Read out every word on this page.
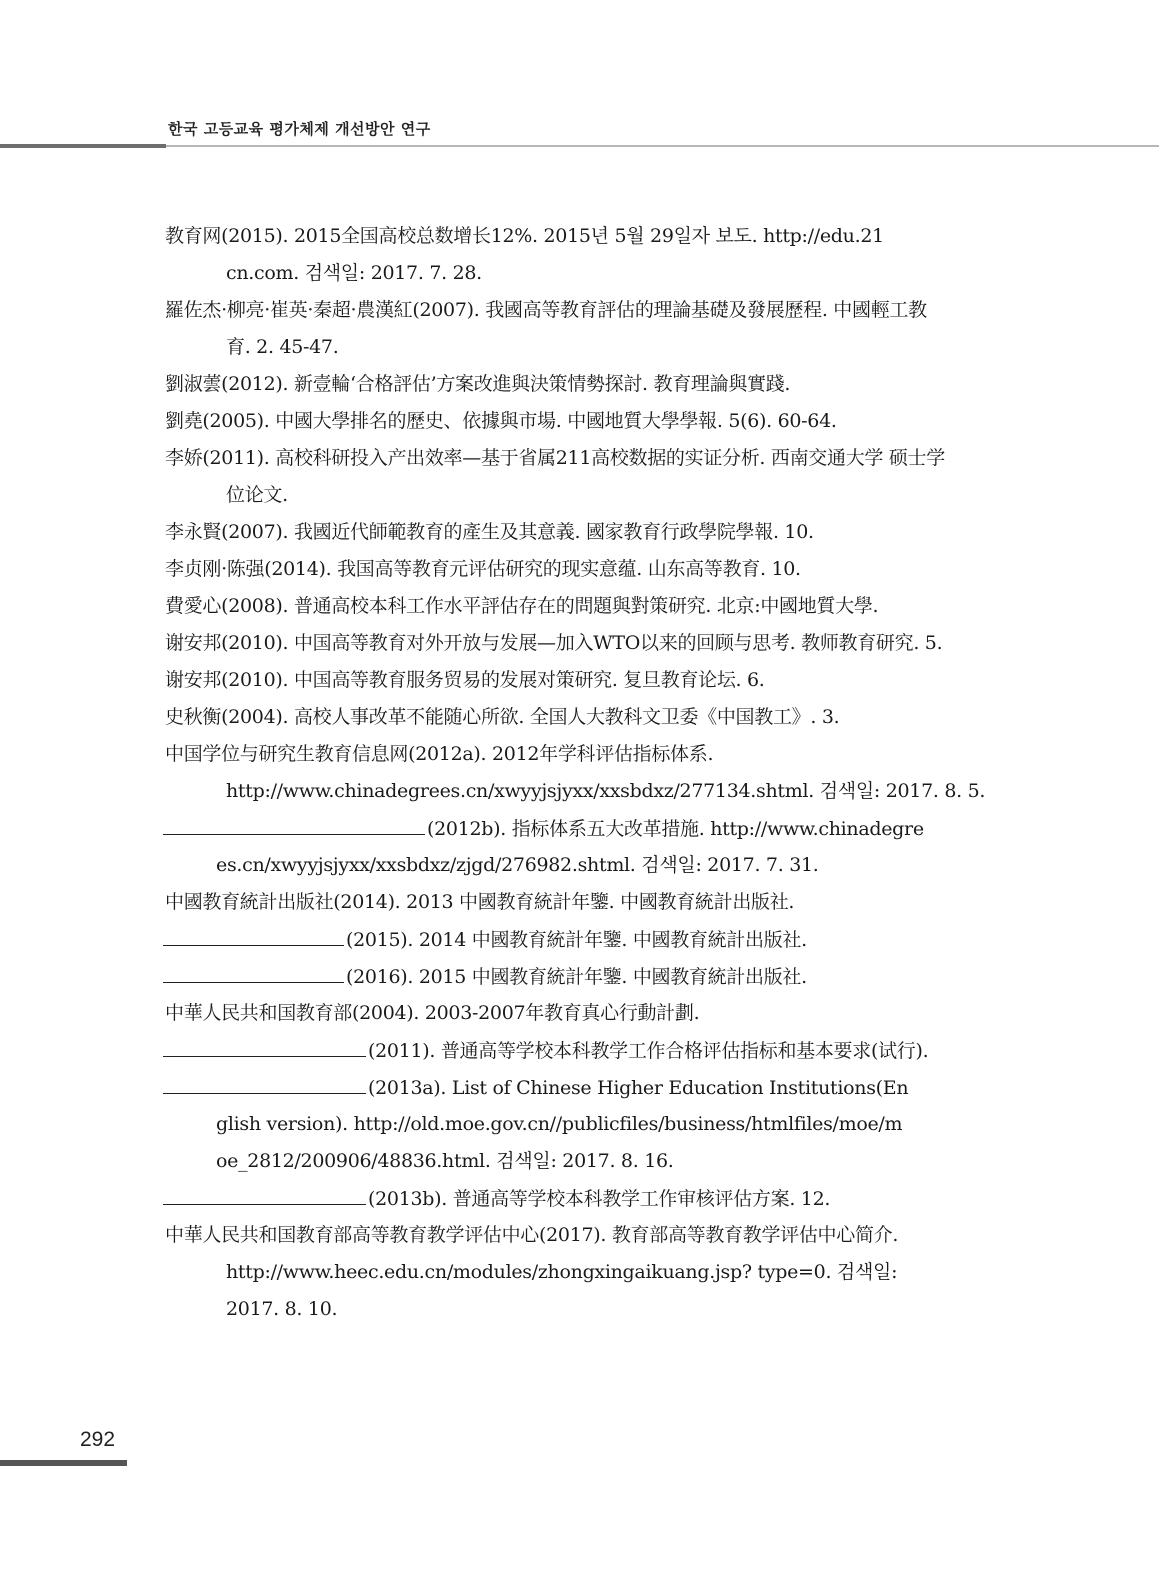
한국 고등교육 평가체제 개선방안 연구
教育网(2015). 2015全国高校总数增长12%. 2015년 5월 29일자 보도. http://edu.21
cn.com. 검색일: 2017. 7. 28.
羅佐杰·柳亮·崔英·秦超·農漢紅(2007). 我國高等教育評估的理論基礎及發展歷程. 中國輕工教
育. 2. 45-47.
劉淑蕓(2012). 新壹輪‘合格評估’方案改進與決策情勢探討. 教育理論與實踐.
劉堯(2005). 中國大學排名的歷史、依據與市場. 中國地質大學學報. 5(6). 60-64.
李娇(2011). 高校科研投入产出效率—基于省属211高校数据的实证分析. 西南交通大学 硕士学
位论文.
李永賢(2007). 我國近代師範教育的產生及其意義. 國家教育行政學院學報. 10.
李贞刚·陈强(2014). 我国高等教育元评估研究的现实意蕴. 山东高等教育. 10.
費愛心(2008). 普通高校本科工作水平評估存在的問題與對策研究. 北京:中國地質大學.
谢安邦(2010). 中国高等教育对外开放与发展—加入WTO以来的回顾与思考. 教师教育研究. 5.
谢安邦(2010). 中国高等教育服务贸易的发展对策研究. 复旦教育论坛. 6.
史秋衡(2004). 高校人事改革不能随心所欲. 全国人大教科文卫委《中国教工》. 3.
中国学位与研究生教育信息网(2012a). 2012年学科评估指标体系.
http://www.chinadegrees.cn/xwyyjsjyxx/xxsbdxz/277134.shtml. 검색일: 2017. 8. 5.
(2012b). 指标体系五大改革措施. http://www.chinadegre
es.cn/xwyyjsjyxx/xxsbdxz/zjgd/276982.shtml. 검색일: 2017. 7. 31.
中國教育統計出版社(2014). 2013 中國教育統計年鑒. 中國教育統計出版社.
(2015). 2014 中國教育統計年鑒. 中國教育統計出版社.
(2016). 2015 中國教育統計年鑒. 中國教育統計出版社.
中華人民共和国教育部(2004). 2003-2007年教育真心行動計劃.
(2011). 普通高等学校本科教学工作合格评估指标和基本要求(试行).
(2013a). List of Chinese Higher Education Institutions(En
glish version). http://old.moe.gov.cn//publicfiles/business/htmlfiles/moe/m
oe_2812/200906/48836.html. 검색일: 2017. 8. 16.
(2013b). 普通高等学校本科教学工作审核评估方案. 12.
中華人民共和国教育部高等教育教学评估中心(2017). 教育部高等教育教学评估中心简介.
http://www.heec.edu.cn/modules/zhongxingaikuang.jsp? type=0. 검색일:
2017. 8. 10.
292
